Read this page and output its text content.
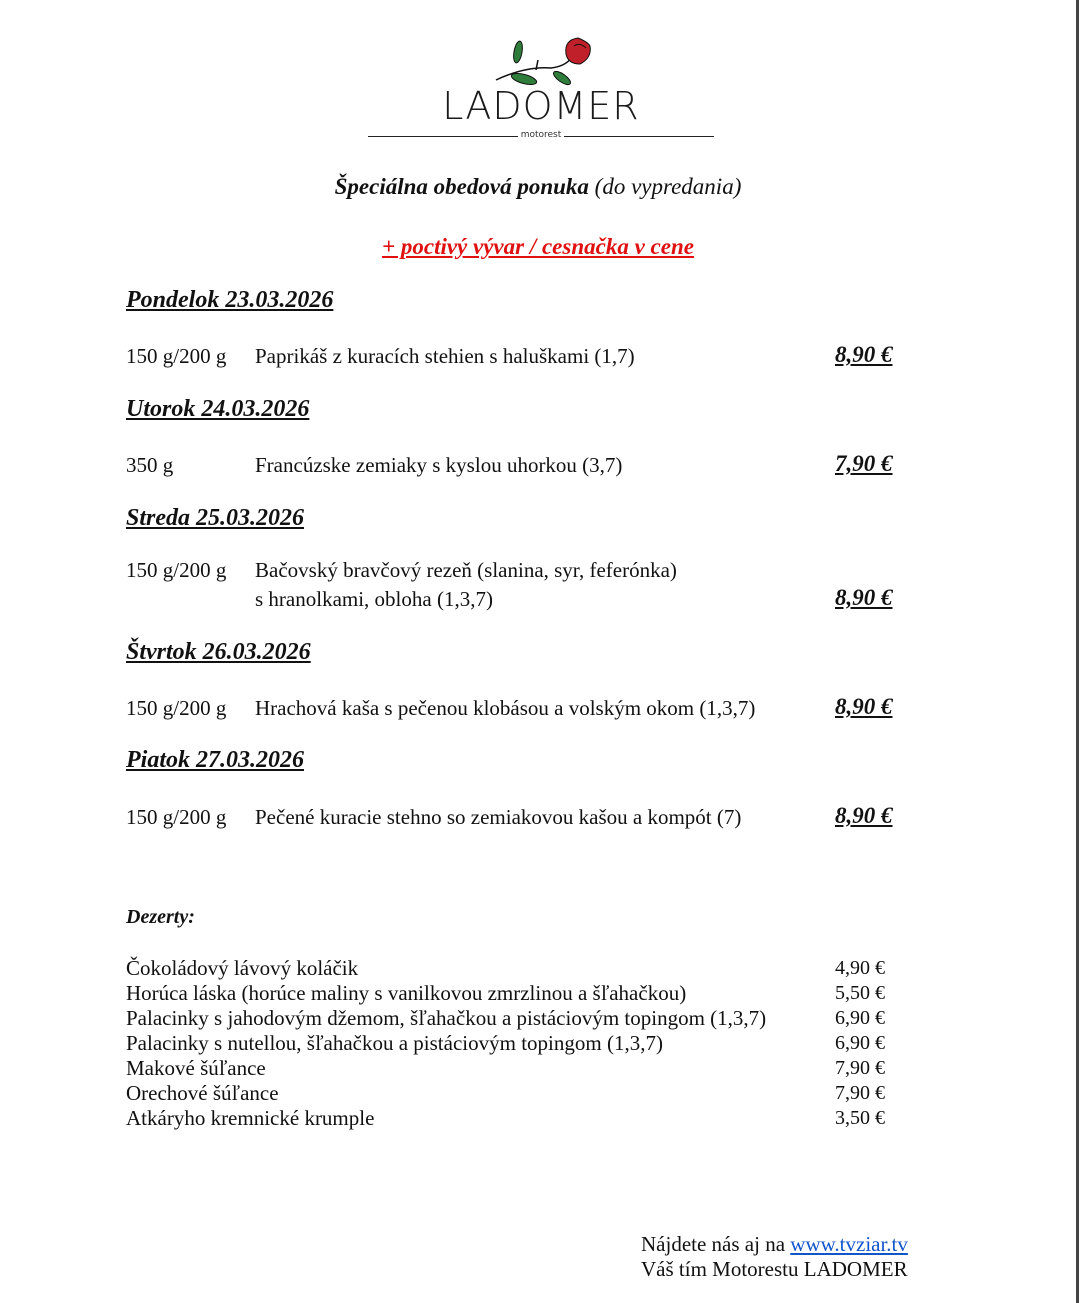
LADOMER
motorest
Špeciálna obedová ponuka (do vypredania)
+ poctivý vývar / cesnačka v cene
Pondelok 23.03.2026
150 g/200 g Paprikáš z kuracích stehien s haluškami (1,7)	8,90 €
Utorok 24.03.2026
350 g	Francúzske zemiaky s kyslou uhorkou (3,7)	7,90 €
Streda 25.03.2026
150 g/200 g Bačovský bravčový rezeň (slanina, syr, feferónka)
s hranolkami, obloha (1,3,7)	8,90 €
Štvrtok 26.03.2026
150 g/200 g Hrachová kaša s pečenou klobásou a volským okom (1,3,7)	8,90 €
Piatok 27.03.2026
150 g/200 g Pečené kuracie stehno so zemiakovou kašou a kompót (7)	8,90 €
Dezerty:
Čokoládový lávový koláčik	4,90 €
Horúca láska (horúce maliny s vanilkovou zmrzlinou a šľahačkou)	5,50 €
Palacinky s jahodovým džemom, šľahačkou a pistáciovým topingom (1,3,7)	6,90 €
Palacinky s nutellou, šľahačkou a pistáciovým topingom (1,3,7)	6,90 €
Makové šúľance	7,90 €
Orechové šúľance	7,90 €
Atkáryho kremnické krumple	3,50 €
Nájdete nás aj na www.tvziar.tv
Váš tím Motorestu LADOMER
